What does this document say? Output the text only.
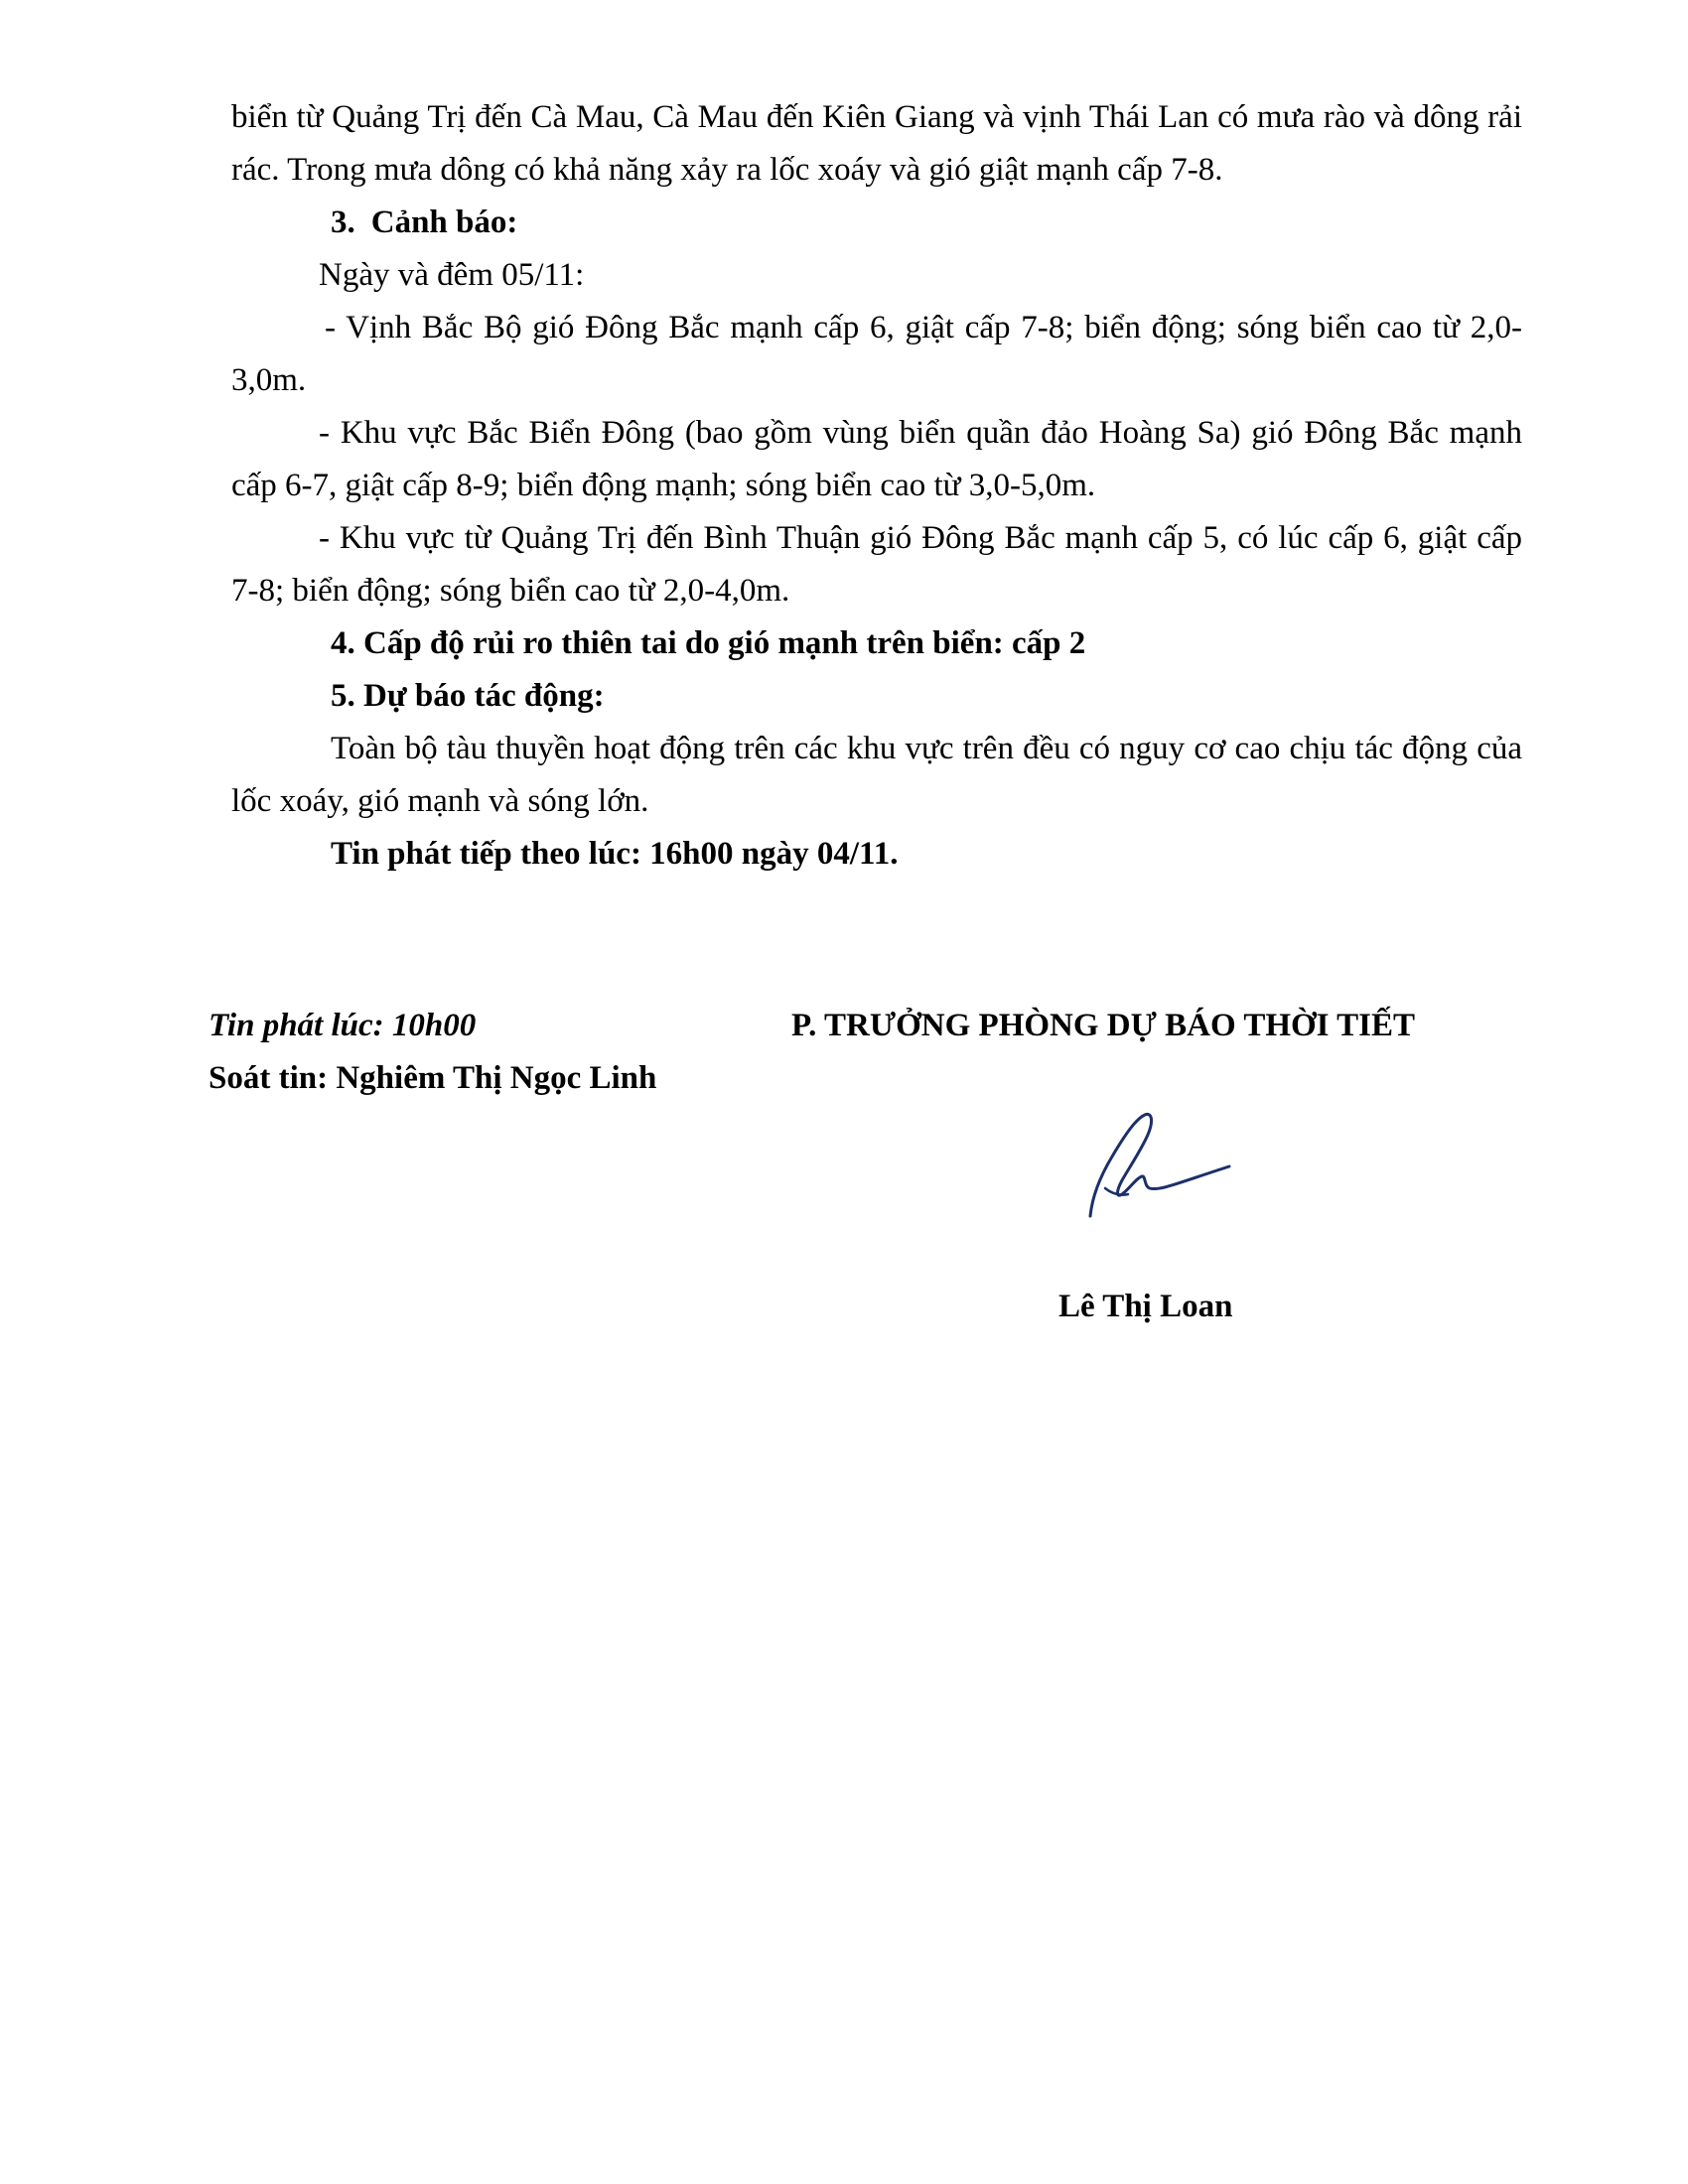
biển từ Quảng Trị đến Cà Mau, Cà Mau đến Kiên Giang và vịnh Thái Lan có mưa rào và dông rải rác. Trong mưa dông có khả năng xảy ra lốc xoáy và gió giật mạnh cấp 7-8.

3. Cảnh báo:

Ngày và đêm 05/11:

- Vịnh Bắc Bộ gió Đông Bắc mạnh cấp 6, giật cấp 7-8; biển động; sóng biển cao từ 2,0-3,0m.

- Khu vực Bắc Biển Đông (bao gồm vùng biển quần đảo Hoàng Sa) gió Đông Bắc mạnh cấp 6-7, giật cấp 8-9; biển động mạnh; sóng biển cao từ 3,0-5,0m.

- Khu vực từ Quảng Trị đến Bình Thuận gió Đông Bắc mạnh cấp 5, có lúc cấp 6, giật cấp 7-8; biển động; sóng biển cao từ 2,0-4,0m.

4. Cấp độ rủi ro thiên tai do gió mạnh trên biển: cấp 2

5. Dự báo tác động:

Toàn bộ tàu thuyền hoạt động trên các khu vực trên đều có nguy cơ cao chịu tác động của lốc xoáy, gió mạnh và sóng lớn.

Tin phát tiếp theo lúc: 16h00 ngày 04/11.

Tin phát lúc: 10h00
Soát tin: Nghiêm Thị Ngọc Linh
P. TRƯỞNG PHÒNG DỰ BÁO THỜI TIẾT
Lê Thị Loan
